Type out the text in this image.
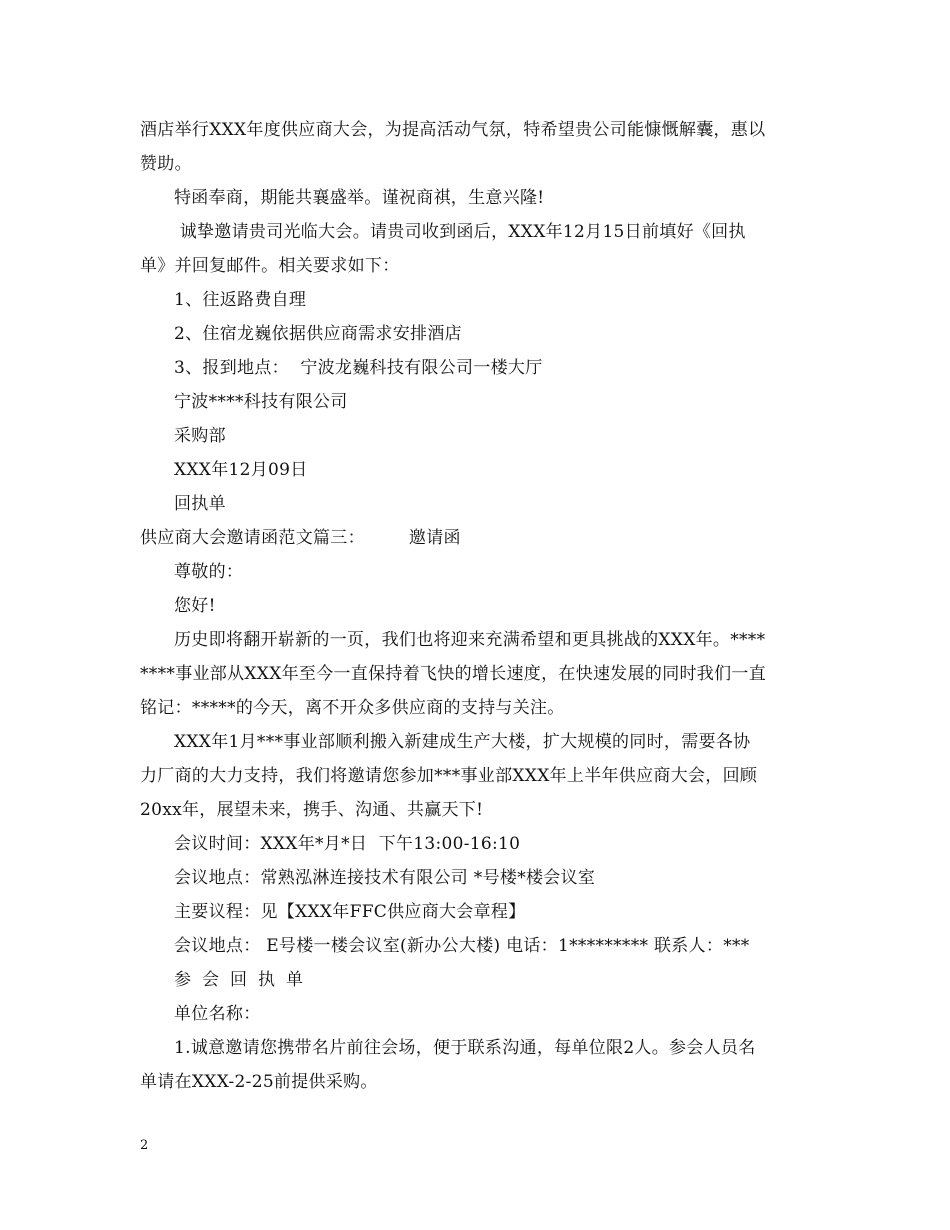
酒店举行XXX年度供应商大会，为提高活动气氛，特希望贵公司能慷慨解囊，惠以
赞助。
特函奉商，期能共襄盛举。谨祝商祺，生意兴隆!
诚挚邀请贵司光临大会。请贵司收到函后，XXX年12月15日前填好《回执
单》并回复邮件。相关要求如下：
1、往返路费自理
2、住宿龙巍依据供应商需求安排酒店
3、报到地点：  宁波龙巍科技有限公司一楼大厅
宁波****科技有限公司
采购部
XXX年12月09日
回执单
供应商大会邀请函范文篇三：	邀请函
尊敬的：
您好!
历史即将翻开崭新的一页，我们也将迎来充满希望和更具挑战的XXX年。****
****事业部从XXX年至今一直保持着飞快的增长速度，在快速发展的同时我们一直
铭记：*****的今天，离不开众多供应商的支持与关注。
XXX年1月***事业部顺利搬入新建成生产大楼，扩大规模的同时，需要各协
力厂商的大力支持，我们将邀请您参加***事业部XXX年上半年供应商大会，回顾
20xx年，展望未来，携手、沟通、共赢天下!
会议时间：XXX年*月*日  下午13:00-16:10
会议地点：常熟泓淋连接技术有限公司 *号楼*楼会议室
主要议程：见【XXX年FFC供应商大会章程】
会议地点： E号楼一楼会议室(新办公大楼) 电话：1********* 联系人：***
参会回执单
单位名称：
1.诚意邀请您携带名片前往会场，便于联系沟通，每单位限2人。参会人员名
单请在XXX-2-25前提供采购。
2
